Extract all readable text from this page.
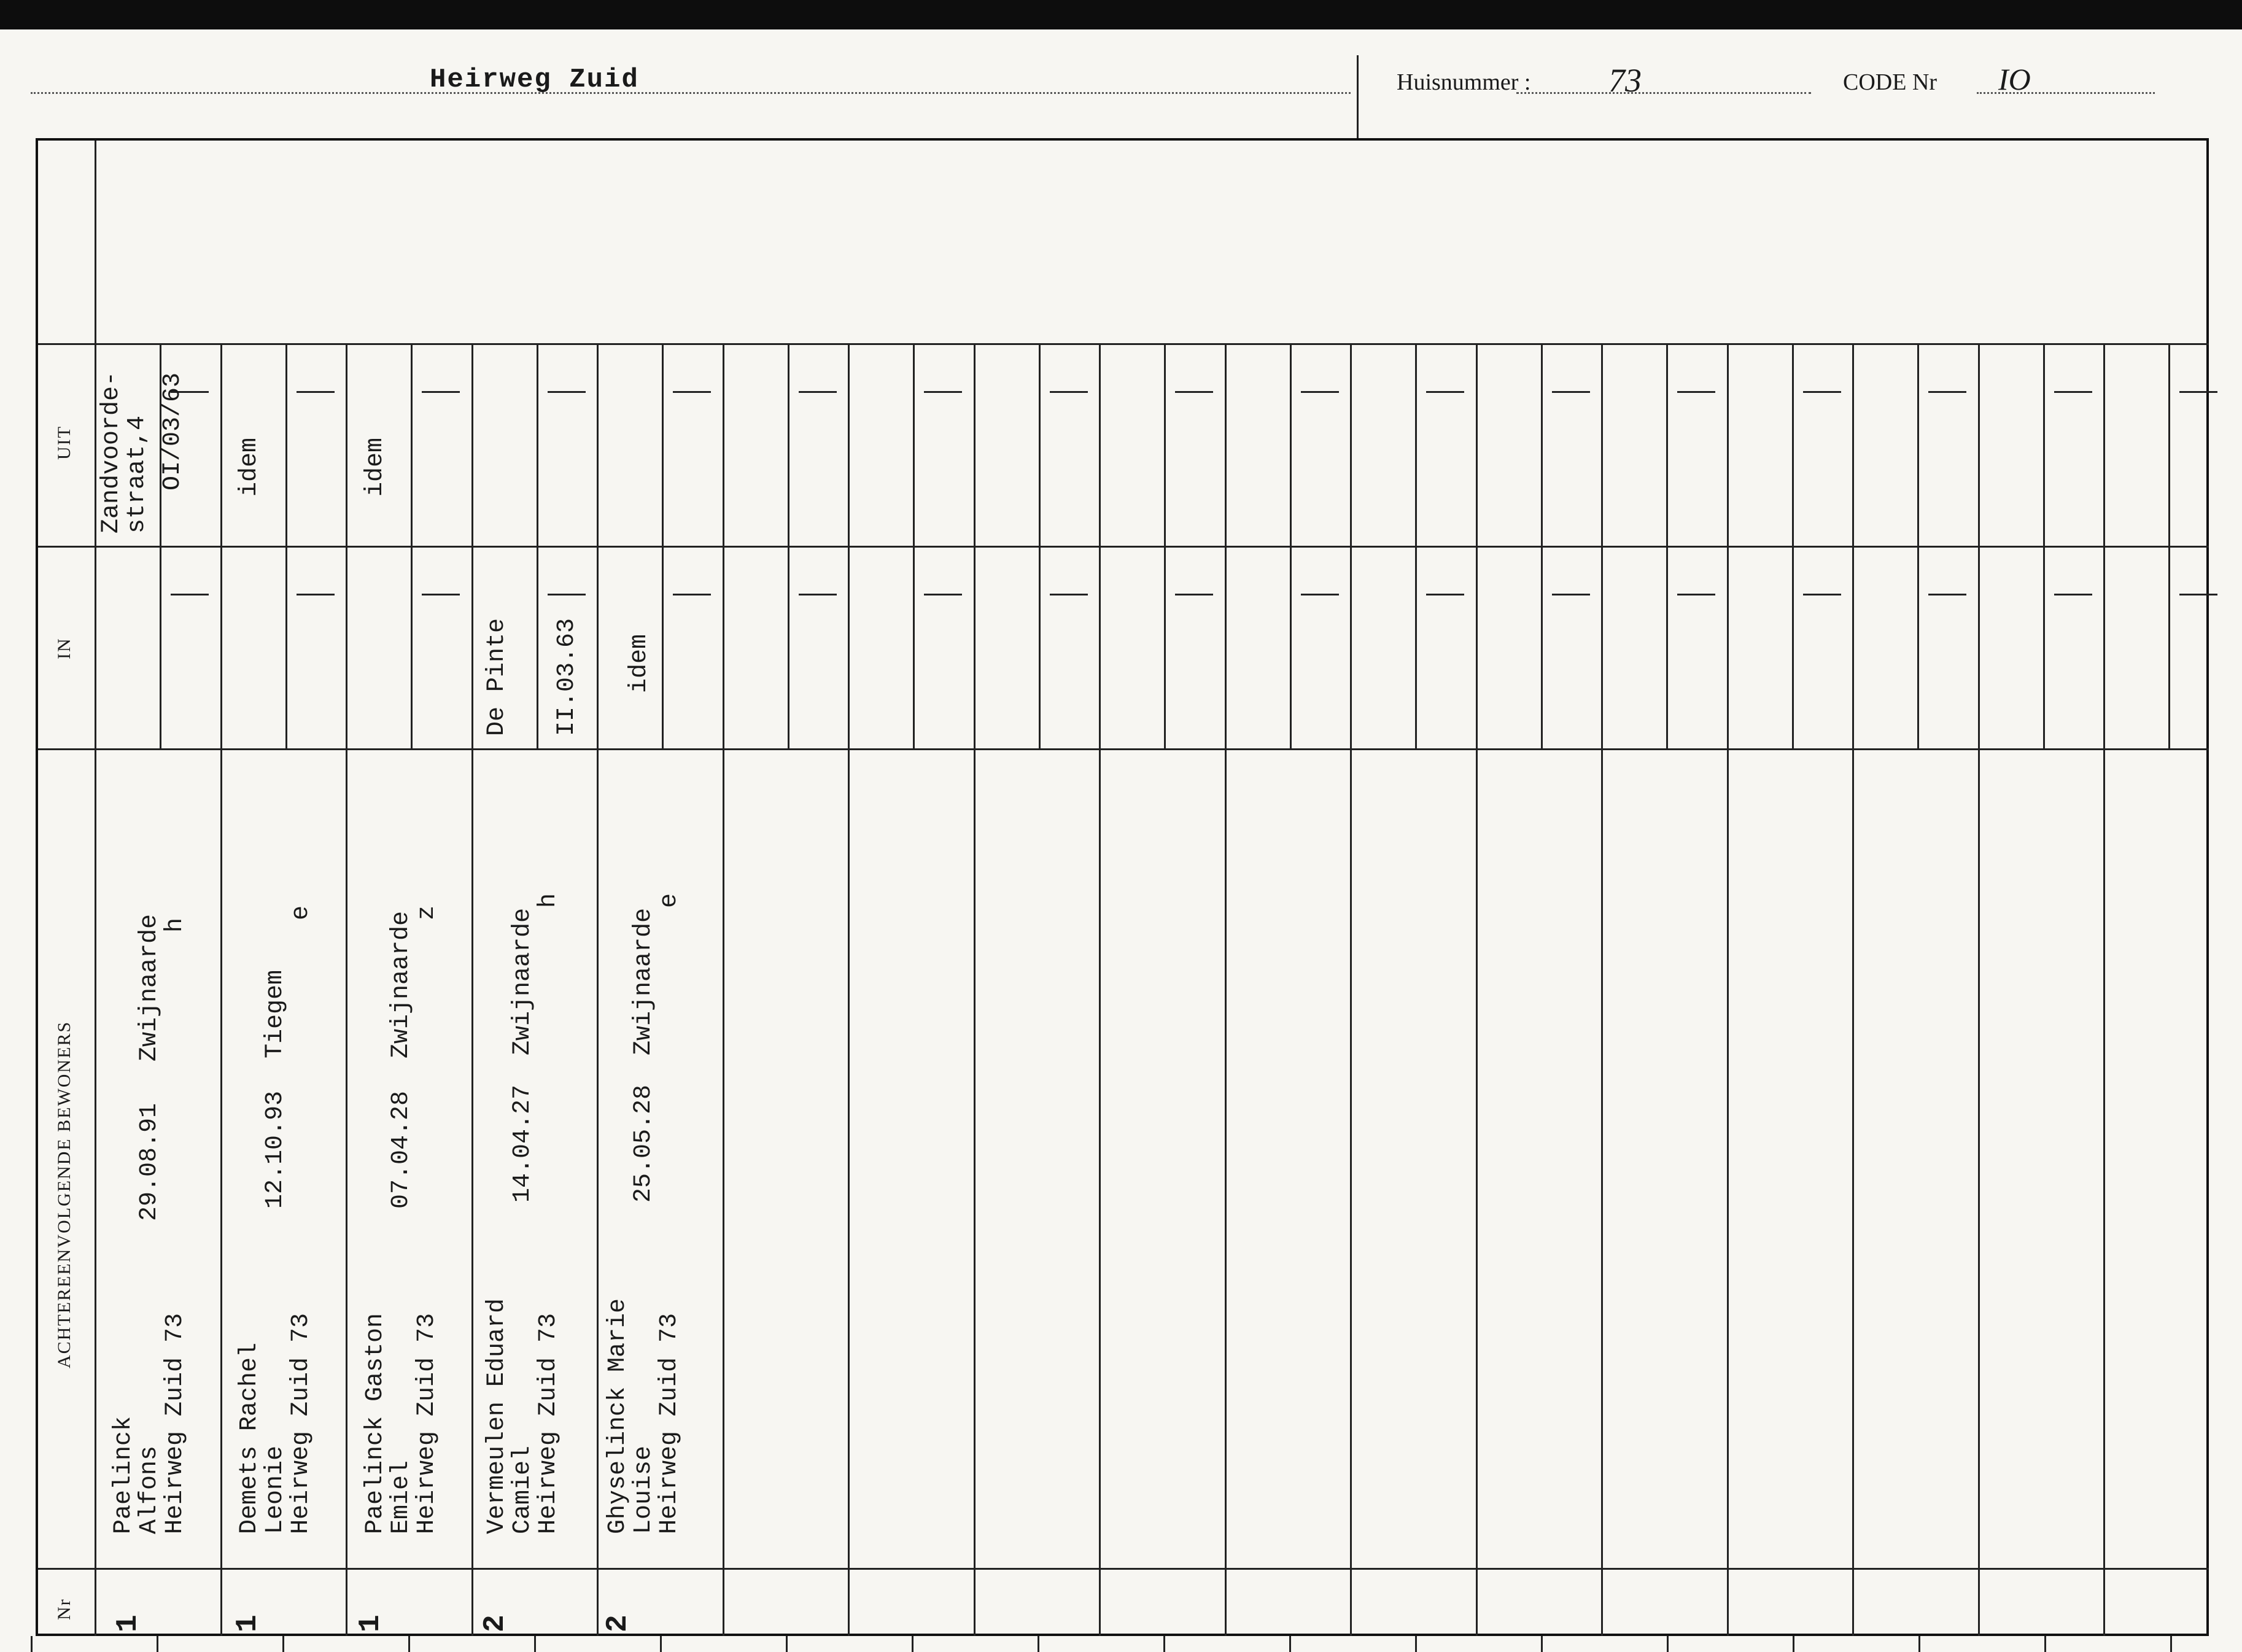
Heirweg Zuid	Huisnummer : 73	CODE Nr IO
UIT
IN
ACHTEREENVOLGENDE BEWONERS
Nr
Paelinck
Alfons
Heirweg Zuid 73
29.08.91
Zwijnaarde
h
1
Zandvoorde-
straat,4 OI/03/63
Demets Rachel
Leonie
Heirweg Zuid 73
12.10.93
Tiegem
e
1
idem
Paelinck Gaston
Emiel
Heirweg Zuid 73
07.04.28
Zwijnaarde
z
1
idem
Vermeulen Eduard
Camiel
Heirweg Zuid 73
14.04.27
Zwijnaarde
h
2
De Pinte II.03.63
Ghyselinck Marie
Louise
Heirweg Zuid 73
25.05.28
Zwijnaarde
e
2
idem
